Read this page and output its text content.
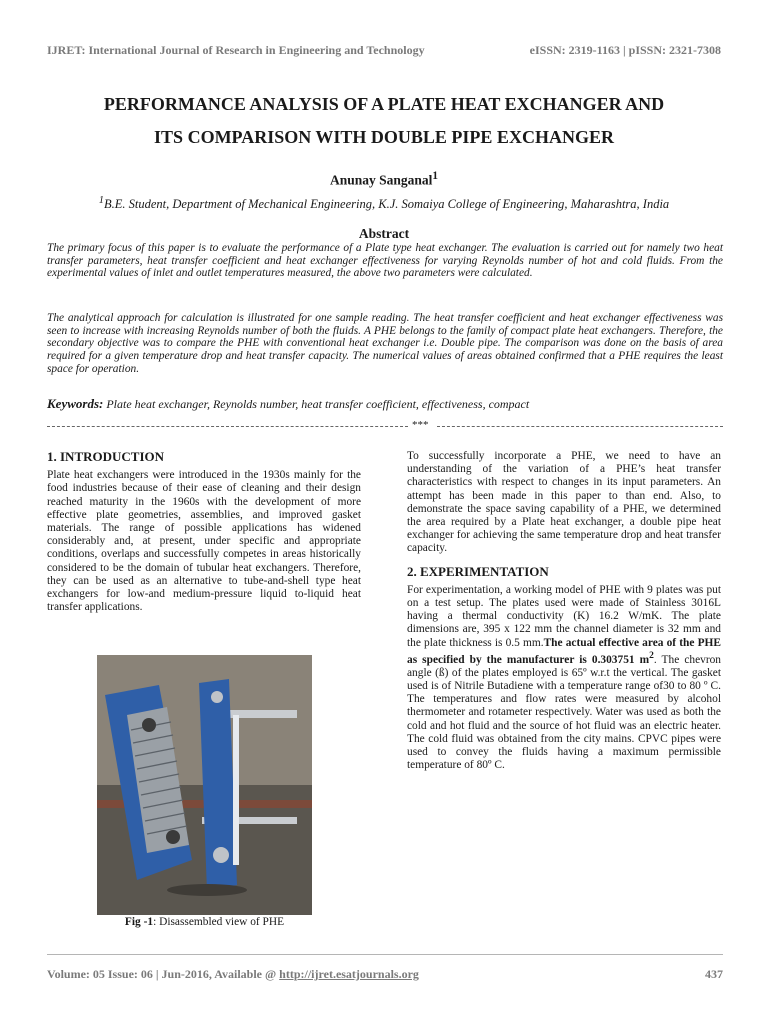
IJRET: International Journal of Research in Engineering and Technology	eISSN: 2319-1163 | pISSN: 2321-7308
PERFORMANCE ANALYSIS OF A PLATE HEAT EXCHANGER AND
ITS COMPARISON WITH DOUBLE PIPE EXCHANGER
Anunay Sanganal$^1$
$^1$B.E. Student, Department of Mechanical Engineering, K.J. Somaiya College of Engineering, Maharashtra, India
Abstract
The primary focus of this paper is to evaluate the performance of a Plate type heat exchanger. The evaluation is carried out for namely two heat transfer parameters, heat transfer coefficient and heat exchanger effectiveness for varying Reynolds number of hot and cold fluids. From the experimental values of inlet and outlet temperatures measured, the above two parameters were calculated.
The analytical approach for calculation is illustrated for one sample reading. The heat transfer coefficient and heat exchanger effectiveness was seen to increase with increasing Reynolds number of both the fluids. A PHE belongs to the family of compact plate heat exchangers. Therefore, the secondary objective was to compare the PHE with conventional heat exchanger i.e. Double pipe. The comparison was done on the basis of area required for a given temperature drop and heat transfer capacity. The numerical values of areas obtained confirmed that a PHE requires the least space for operation.
Keywords: Plate heat exchanger, Reynolds number, heat transfer coefficient, effectiveness, compact
***

1. INTRODUCTION

Plate heat exchangers were introduced in the 1930s mainly for the food industries because of their ease of cleaning and their design reached maturity in the 1960s with the development of more effective plate geometries, assemblies, and improved gasket materials. The range of possible applications has widened considerably and, at present, under specific and appropriate conditions, overlaps and successfully competes in areas historically considered to be the domain of tubular heat exchangers. Therefore, they can be used as an alternative to tube-and-shell type heat exchangers for low-and medium-pressure liquid to-liquid heat transfer applications.

Fig -1: Disassembled view of PHE

To successfully incorporate a PHE, we need to have an understanding of the variation of a PHE’s heat transfer characteristics with respect to changes in its input parameters. An attempt has been made in this paper to than end. Also, to demonstrate the space saving capability of a PHE, we determined the area required by a Plate heat exchanger, a double pipe heat exchanger for achieving the same temperature drop and heat transfer capacity.

2. EXPERIMENTATION

For experimentation, a working model of PHE with 9 plates was put on a test setup. The plates used were made of Stainless 3016L having a thermal conductivity (K) 16.2 W/mK. The plate dimensions are, 395 x 122 mm the channel diameter is 32 mm and the plate thickness is 0.5 mm.The actual effective area of the PHE as specified by the manufacturer is 0.303751 $m^2$. The chevron angle (ß) of the plates employed is 65º w.r.t the vertical. The gasket used is of Nitrile Butadiene with a temperature range of30 to 80 º C. The temperatures and flow rates were measured by alcohol thermometer and rotameter respectively. Water was used as both the cold and hot fluid and the source of hot fluid was an electric heater. The cold fluid was obtained from the city mains. CPVC pipes were used to convey the fluids having a maximum permissible temperature of 80º C.

Volume: 05 Issue: 06 | Jun-2016, Available @ http://ijret.esatjournals.org	437
